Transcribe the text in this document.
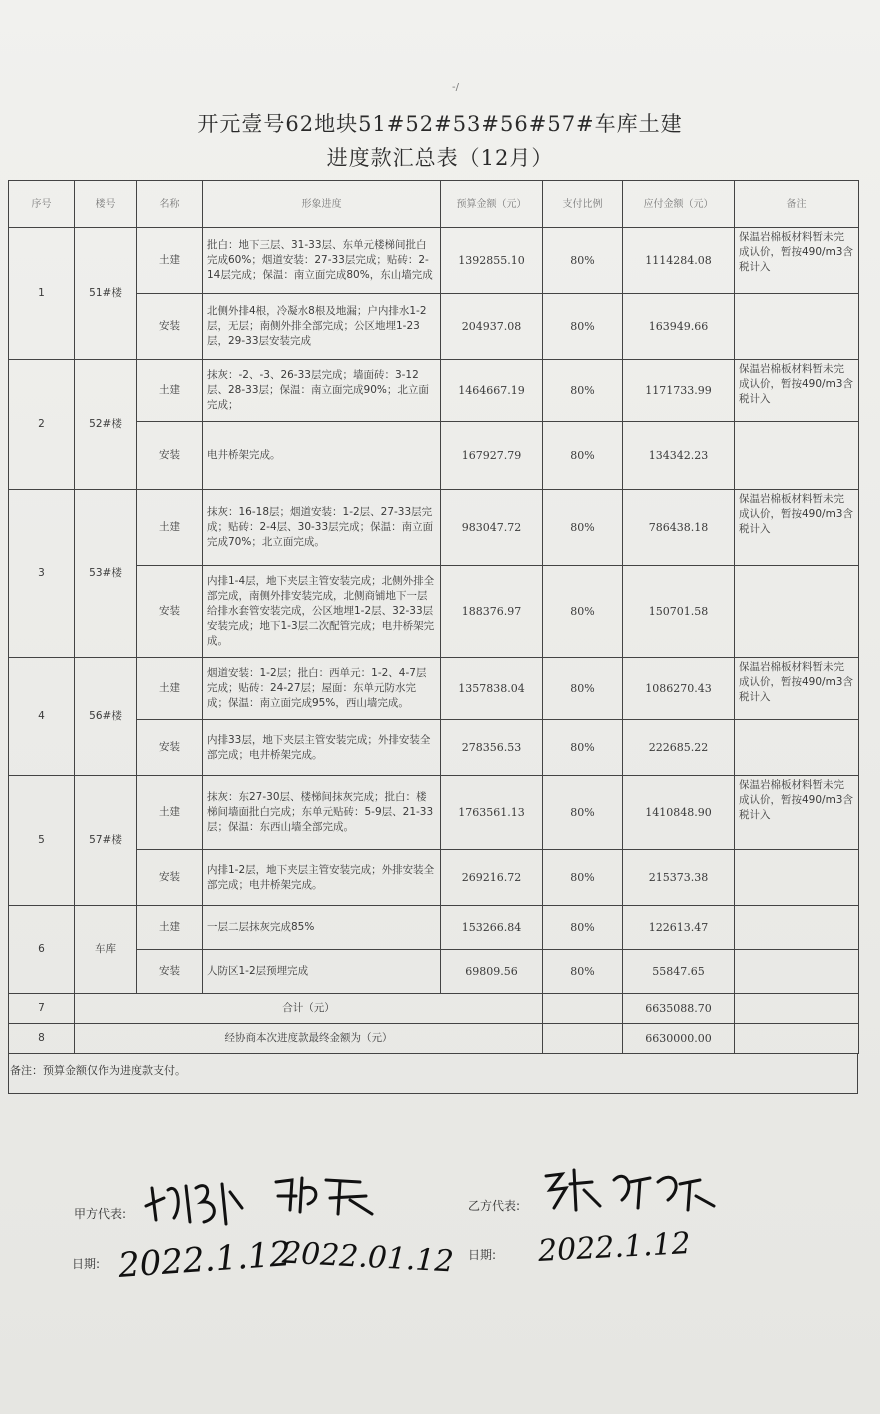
-/
开元壹号62地块51#52#53#56#57#车库土建
进度款汇总表（12月）
序号	楼号	名称	形象进度	预算金额（元）	支付比例	应付金额（元）	备注
1	51#楼	土建	批白：地下三层、31-33层、东单元楼梯间批白完成60%；烟道安装：27-33层完成；贴砖：2-14层完成；保温：南立面完成80%，东山墙完成	1392855.10	80%	1114284.08	保温岩棉板材料暂未完成认价，暂按490/m3含税计入
		安装	北侧外排4根，冷凝水8根及地漏；户内排水1-2层，无层；南侧外排全部完成；公区地埋1-23层，29-33层安装完成	204937.08	80%	163949.66	
2	52#楼	土建	抹灰：-2、-3、26-33层完成；墙面砖：3-12层、28-33层；保温：南立面完成90%；北立面完成；	1464667.19	80%	1171733.99	保温岩棉板材料暂未完成认价，暂按490/m3含税计入
		安装	电井桥架完成。	167927.79	80%	134342.23	
3	53#楼	土建	抹灰：16-18层；烟道安装：1-2层、27-33层完成；贴砖：2-4层、30-33层完成；保温：南立面完成70%；北立面完成。	983047.72	80%	786438.18	保温岩棉板材料暂未完成认价，暂按490/m3含税计入
		安装	内排1-4层，地下夹层主管安装完成；北侧外排全部完成，南侧外排安装完成，北侧商铺地下一层给排水套管安装完成，公区地埋1-2层、32-33层安装完成；地下1-3层二次配管完成；电井桥架完成。	188376.97	80%	150701.58	
4	56#楼	土建	烟道安装：1-2层；批白：西单元：1-2、4-7层完成；贴砖：24-27层；屋面：东单元防水完成；保温：南立面完成95%，西山墙完成。	1357838.04	80%	1086270.43	保温岩棉板材料暂未完成认价，暂按490/m3含税计入
		安装	内排33层，地下夹层主管安装完成；外排安装全部完成；电井桥架完成。	278356.53	80%	222685.22	
5	57#楼	土建	抹灰：东27-30层、楼梯间抹灰完成；批白：楼梯间墙面批白完成；东单元贴砖：5-9层、21-33层；保温：东西山墙全部完成。	1763561.13	80%	1410848.90	保温岩棉板材料暂未完成认价，暂按490/m3含税计入
		安装	内排1-2层，地下夹层主管安装完成；外排安装全部完成；电井桥架完成。	269216.72	80%	215373.38	
6	车库	土建	一层二层抹灰完成85%	153266.84	80%	122613.47	
		安装	人防区1-2层预埋完成	69809.56	80%	55847.65	
7	合计（元）					6635088.70	
8	经协商本次进度款最终金额为（元）					6630000.00	
备注：预算金额仅作为进度款支付。
甲方代表:
乙方代表:
日期:
日期:
2022.1.12
2022.01.12	2022.1.12
